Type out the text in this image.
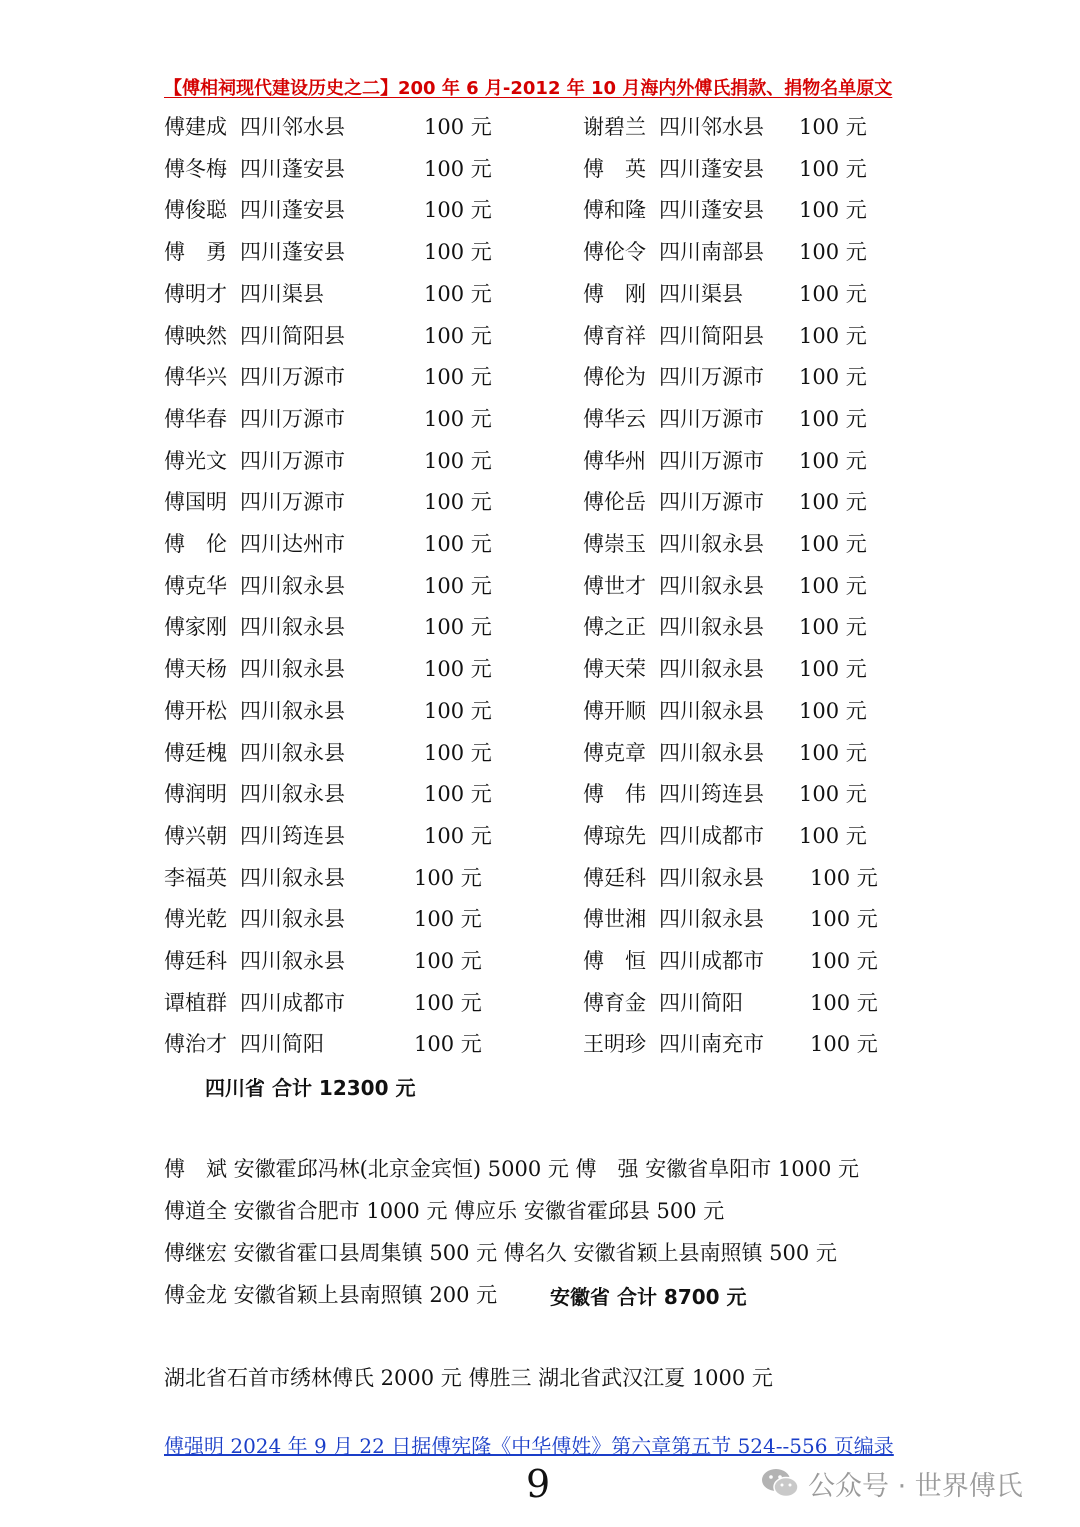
【傅相祠现代建设历史之二】200 年 6 月-2012 年 10 月海内外傅氏捐款、捐物名单原文
傅建成 四川邻水县	100 元	谢碧兰 四川邻水县 100 元
傅冬梅 四川蓬安县	100 元	傅　英 四川蓬安县 100 元
傅俊聪 四川蓬安县	100 元	傅和隆 四川蓬安县 100 元
傅　勇 四川蓬安县	100 元	傅伦令 四川南部县 100 元
傅明才 四川渠县	100 元	傅　刚 四川渠县	100 元
傅映然 四川简阳县	100 元	傅育祥 四川简阳县 100 元
傅华兴 四川万源市	100 元	傅伦为 四川万源市 100 元
傅华春 四川万源市	100 元	傅华云 四川万源市 100 元
傅光文 四川万源市	100 元	傅华州 四川万源市 100 元
傅国明 四川万源市	100 元	傅伦岳 四川万源市 100 元
傅　伦 四川达州市	100 元	傅崇玉 四川叙永县 100 元
傅克华 四川叙永县	100 元	傅世才 四川叙永县 100 元
傅家刚 四川叙永县	100 元	傅之正 四川叙永县 100 元
傅天杨 四川叙永县	100 元	傅天荣 四川叙永县 100 元
傅开松 四川叙永县	100 元	傅开顺 四川叙永县 100 元
傅廷槐 四川叙永县	100 元	傅克章 四川叙永县 100 元
傅润明 四川叙永县	100 元	傅　伟 四川筠连县 100 元
傅兴朝 四川筠连县	100 元	傅琼先 四川成都市 100 元
李福英 四川叙永县	100 元	傅廷科 四川叙永县 100 元
傅光乾 四川叙永县	100 元	傅世湘 四川叙永县 100 元
傅廷科 四川叙永县	100 元	傅　恒 四川成都市 100 元
谭植群 四川成都市	100 元	傅育金 四川简阳	100 元
傅治才 四川简阳	100 元	王明珍 四川南充市 100 元
四川省 合计 12300 元
傅　斌 安徽霍邱冯林(北京金宾恒) 5000 元 傅　强 安徽省阜阳市 1000 元
傅道全 安徽省合肥市 1000 元 傅应乐 安徽省霍邱县 500 元
傅继宏 安徽省霍口县周集镇 500 元 傅名久 安徽省颖上县南照镇 500 元
傅金龙 安徽省颖上县南照镇 200 元	安徽省 合计 8700 元
湖北省石首市绣林傅氏 2000 元 傅胜三 湖北省武汉江夏 1000 元
傅强明 2024 年 9 月 22 日据傅宪隆《中华傅姓》第六章第五节 524--556 页编录
9	公众号 · 世界傅氏
